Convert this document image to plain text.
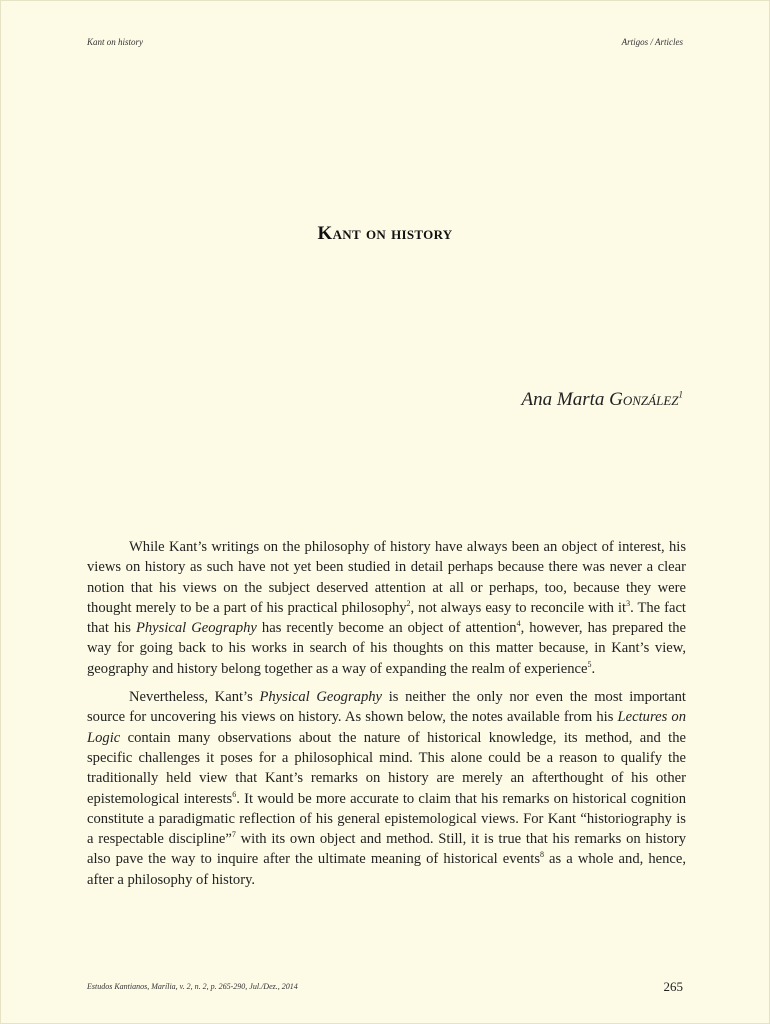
Kant on history	Artigos / Articles
Kant on history
Ana Marta González$^1$

While Kant’s writings on the philosophy of history have always been an object of interest, his views on history as such have not yet been studied in detail perhaps because there was never a clear notion that his views on the subject deserved attention at all or perhaps, too, because they were thought merely to be a part of his practical philosophy$^2$, not always easy to reconcile with $it^3$. The fact that his Physical Geography has recently become an object of attention$^4$, however, has prepared the way for going back to his works in search of his thoughts on this matter because, in Kant’s view, geography and history belong together as a way of expanding the realm of experience$^5$.

Nevertheless, Kant’s Physical Geography is neither the only nor even the most important source for uncovering his views on history. As shown below, the notes available from his Lectures on Logic contain many observations about the nature of historical knowledge, its method, and the specific challenges it poses for a philosophical mind. This alone could be a reason to qualify the traditionally held view that Kant’s remarks on history are merely an afterthought of his other epistemological interests$^6$. It would be more accurate to claim that his remarks on historical cognition constitute a paradigmatic reflection of his general epistemological views. For Kant “historiography is a respectable discipline”$^7$ with its own object and method. Still, it is true that his remarks on history also pave the way to inquire after the ultimate meaning of historical events$^8$ as a whole and, hence, after a philosophy of history.

Estudos Kantianos, Marília, v. 2, n. 2, p. 265-290, Jul./Dez., 2014	265
